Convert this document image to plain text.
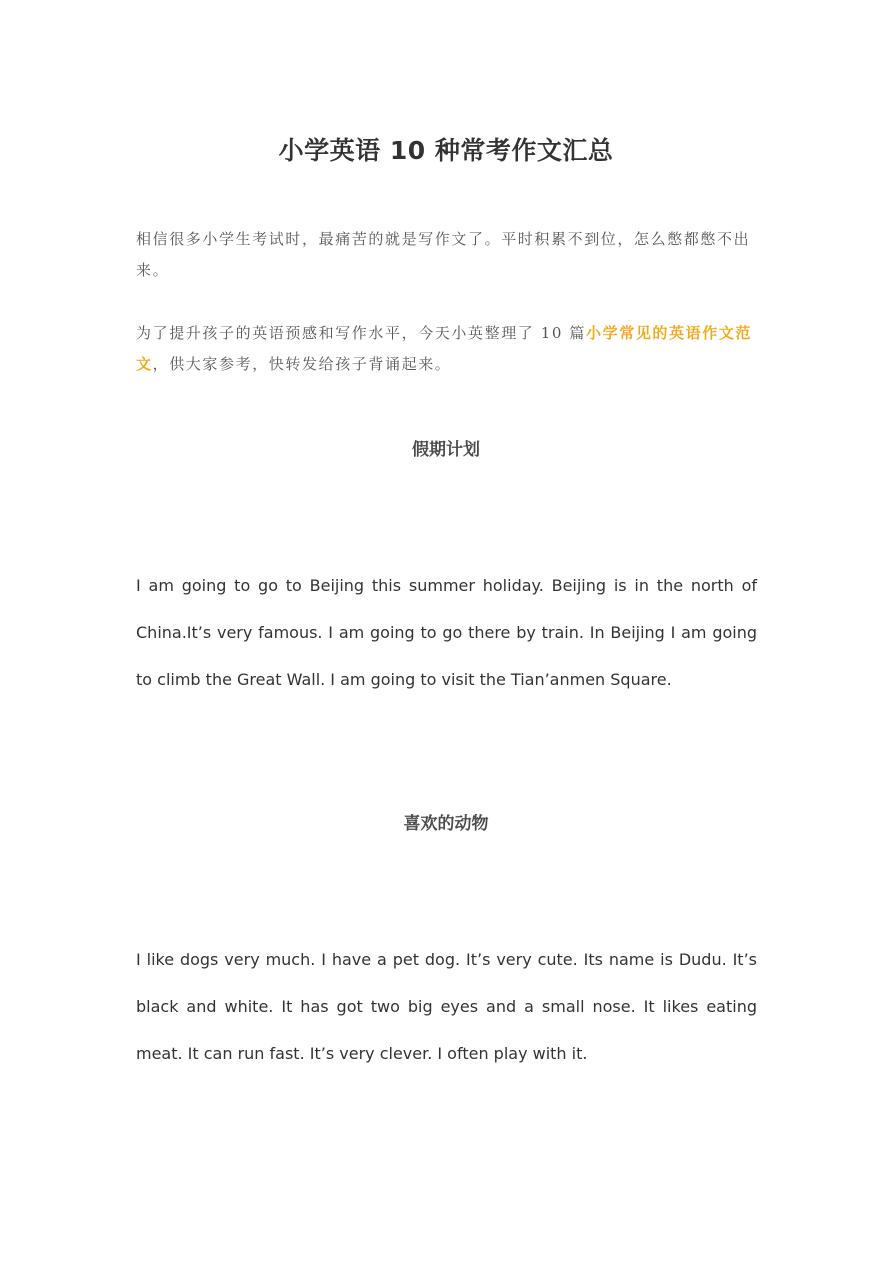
小学英语 10 种常考作文汇总

相信很多小学生考试时，最痛苦的就是写作文了。平时积累不到位，怎么憋都憋不出来。

为了提升孩子的英语预感和写作水平，今天小英整理了 10 篇小学常见的英语作文范文，供大家参考，快转发给孩子背诵起来。

假期计划

I am going to go to Beijing this summer holiday. Beijing is in the north of China.It’s very famous. I am going to go there by train. In Beijing I am going to climb the Great Wall. I am going to visit the Tian’anmen Square.

喜欢的动物

I like dogs very much. I have a pet dog. It’s very cute. Its name is Dudu. It’s black and white. It has got two big eyes and a small nose. It likes eating meat. It can run fast. It’s very clever. I often play with it.
